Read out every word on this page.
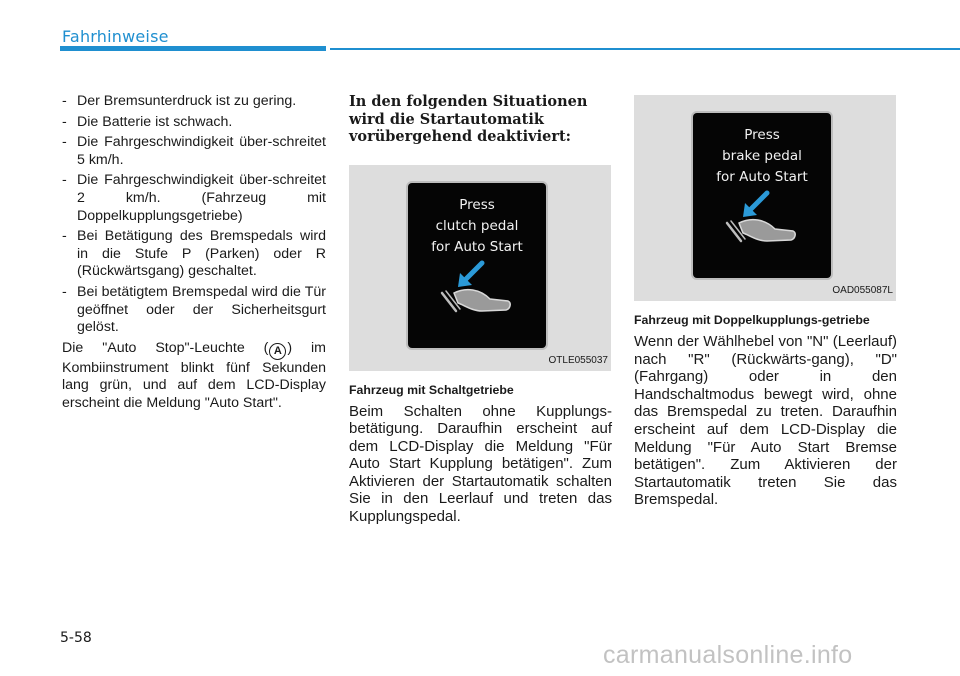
Fahrhinweise
- Der Bremsunterdruck ist zu gering.
- Die Batterie ist schwach.
- Die Fahrgeschwindigkeit über-schreitet 5 km/h.
- Die Fahrgeschwindigkeit über-schreitet 2 km/h. (Fahrzeug mit Doppelkupplungsgetriebe)
- Bei Betätigung des Bremspedals wird in die Stufe P (Parken) oder R (Rückwärtsgang) geschaltet.
- Bei betätigtem Bremspedal wird die Tür geöffnet oder der Sicherheitsgurt gelöst.

Die "Auto Stop"-Leuchte ( A ) im Kombiinstrument blinkt fünf Sekunden lang grün, und auf dem LCD-Display erscheint die Meldung "Auto Start".

In den folgenden Situationen wird die Startautomatik vorübergehend deaktiviert:
Press
clutch pedal
for Auto Start
OTLE055037
Fahrzeug mit Schaltgetriebe

Beim Schalten ohne Kupplungs-betätigung. Daraufhin erscheint auf dem LCD-Display die Meldung "Für Auto Start Kupplung betätigen". Zum Aktivieren der Startautomatik schalten Sie in den Leerlauf und treten das Kupplungspedal.

Press
brake pedal
for Auto Start
OAD055087L
Fahrzeug mit Doppelkupplungs-getriebe

Wenn der Wählhebel von "N" (Leerlauf) nach "R" (Rückwärts-gang), "D" (Fahrgang) oder in den Handschaltmodus bewegt wird, ohne das Bremspedal zu treten. Daraufhin erscheint auf dem LCD-Display die Meldung "Für Auto Start Bremse betätigen". Zum Aktivieren der Startautomatik treten Sie das Bremspedal.

5-58
carmanualsonline.info
